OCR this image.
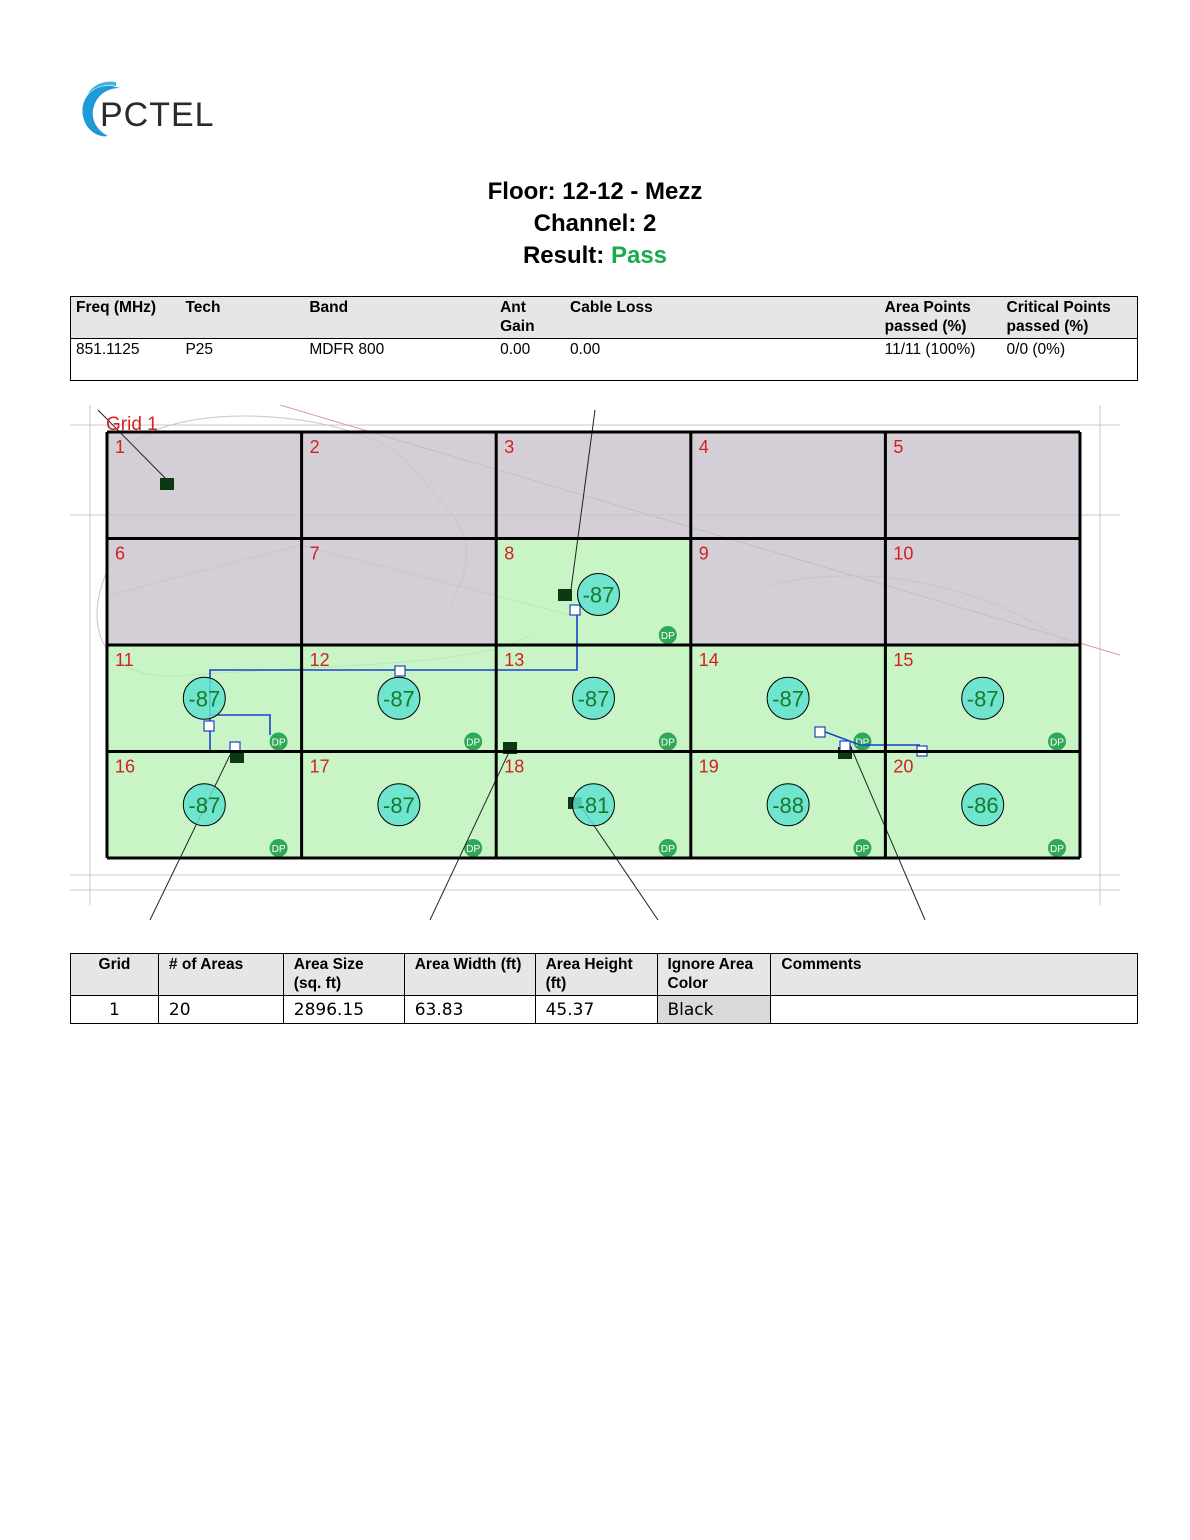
PCTEL
Floor: 12-12 - Mezz
Channel: 2
Result: Pass
Freq (MHz)	Tech	Band	Ant Gain	Cable Loss	Area Points passed (%)	Critical Points passed (%)
851.1125	P25	MDFR 800	0.00	0.00	11/11 (100%)	0/0 (0%)
1	2	3	4	5
6	7	8
DP
9	10
11
DP
12
DP
13
DP
14
DP
15
DP
16
DP
17
DP
18
DP
19
DP
20
DP
-87
-87	-87	-87	-87	-87
-87	-87	-81	-88	-86
Grid 1
Grid	# of Areas	Area Size (sq. ft)	Area Width (ft)	Area Height (ft)	Ignore Area Color	Comments
1	20	2896.15	63.83	45.37	Black	
